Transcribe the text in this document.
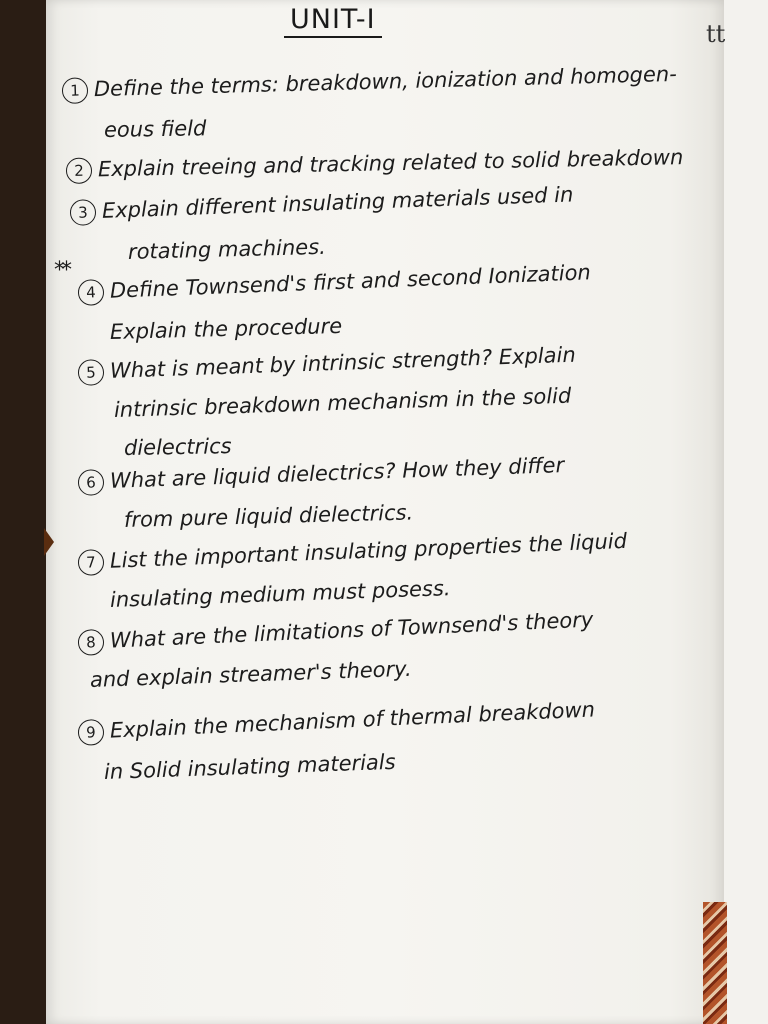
tt
UNIT-I
**
1 Define the terms: breakdown, ionization and homogen-
eous field
2 Explain treeing and tracking related to solid breakdown
3 Explain different insulating materials used in
rotating machines.
4 Define Townsend's first and second Ionization
Explain the procedure
5 What is meant by intrinsic strength? Explain
intrinsic breakdown mechanism in the solid
dielectrics
6 What are liquid dielectrics? How they differ
from pure liquid dielectrics.
7 List the important insulating properties the liquid
insulating medium must posess.
8 What are the limitations of Townsend's theory
and explain streamer's theory.
9 Explain the mechanism of thermal breakdown
in Solid insulating materials
